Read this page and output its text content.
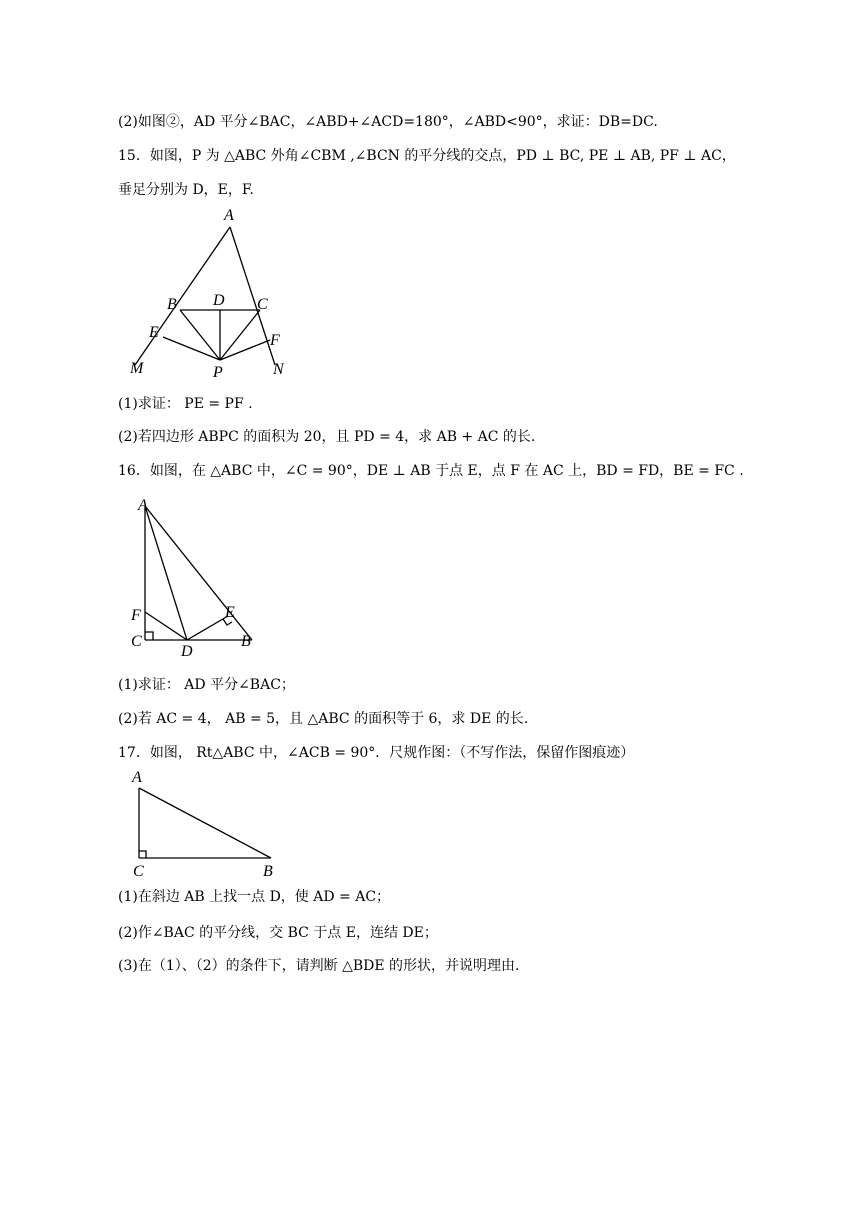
(2)如图②，AD 平分∠BAC，∠ABD+∠ACD=180°，∠ABD<90°，求证：DB=DC.
15．如图，P 为 △ABC 外角∠CBM ,∠BCN 的平分线的交点，PD ⊥ BC, PE ⊥ AB, PF ⊥ AC，
垂足分别为 D，E，F.
A
B D C
E	F
M	P	N
(1)求证： PE = PF .
(2)若四边形 ABPC 的面积为 20，且 PD = 4，求 AB + AC 的长.
16．如图，在 △ABC 中，∠C = 90°，DE ⊥ AB 于点 E，点 F 在 AC 上，BD = FD，BE = FC .
A
F
C
D
E
B
(1)求证： AD 平分∠BAC；
(2)若 AC = 4， AB = 5，且 △ABC 的面积等于 6，求 DE 的长.
17．如图， Rt△ABC 中，∠ACB = 90°．尺规作图：（不写作法，保留作图痕迹）
A
C	B
(1)在斜边 AB 上找一点 D，使 AD = AC；
(2)作∠BAC 的平分线，交 BC 于点 E，连结 DE；
(3)在（1）、（2）的条件下，请判断 △BDE 的形状，并说明理由.
